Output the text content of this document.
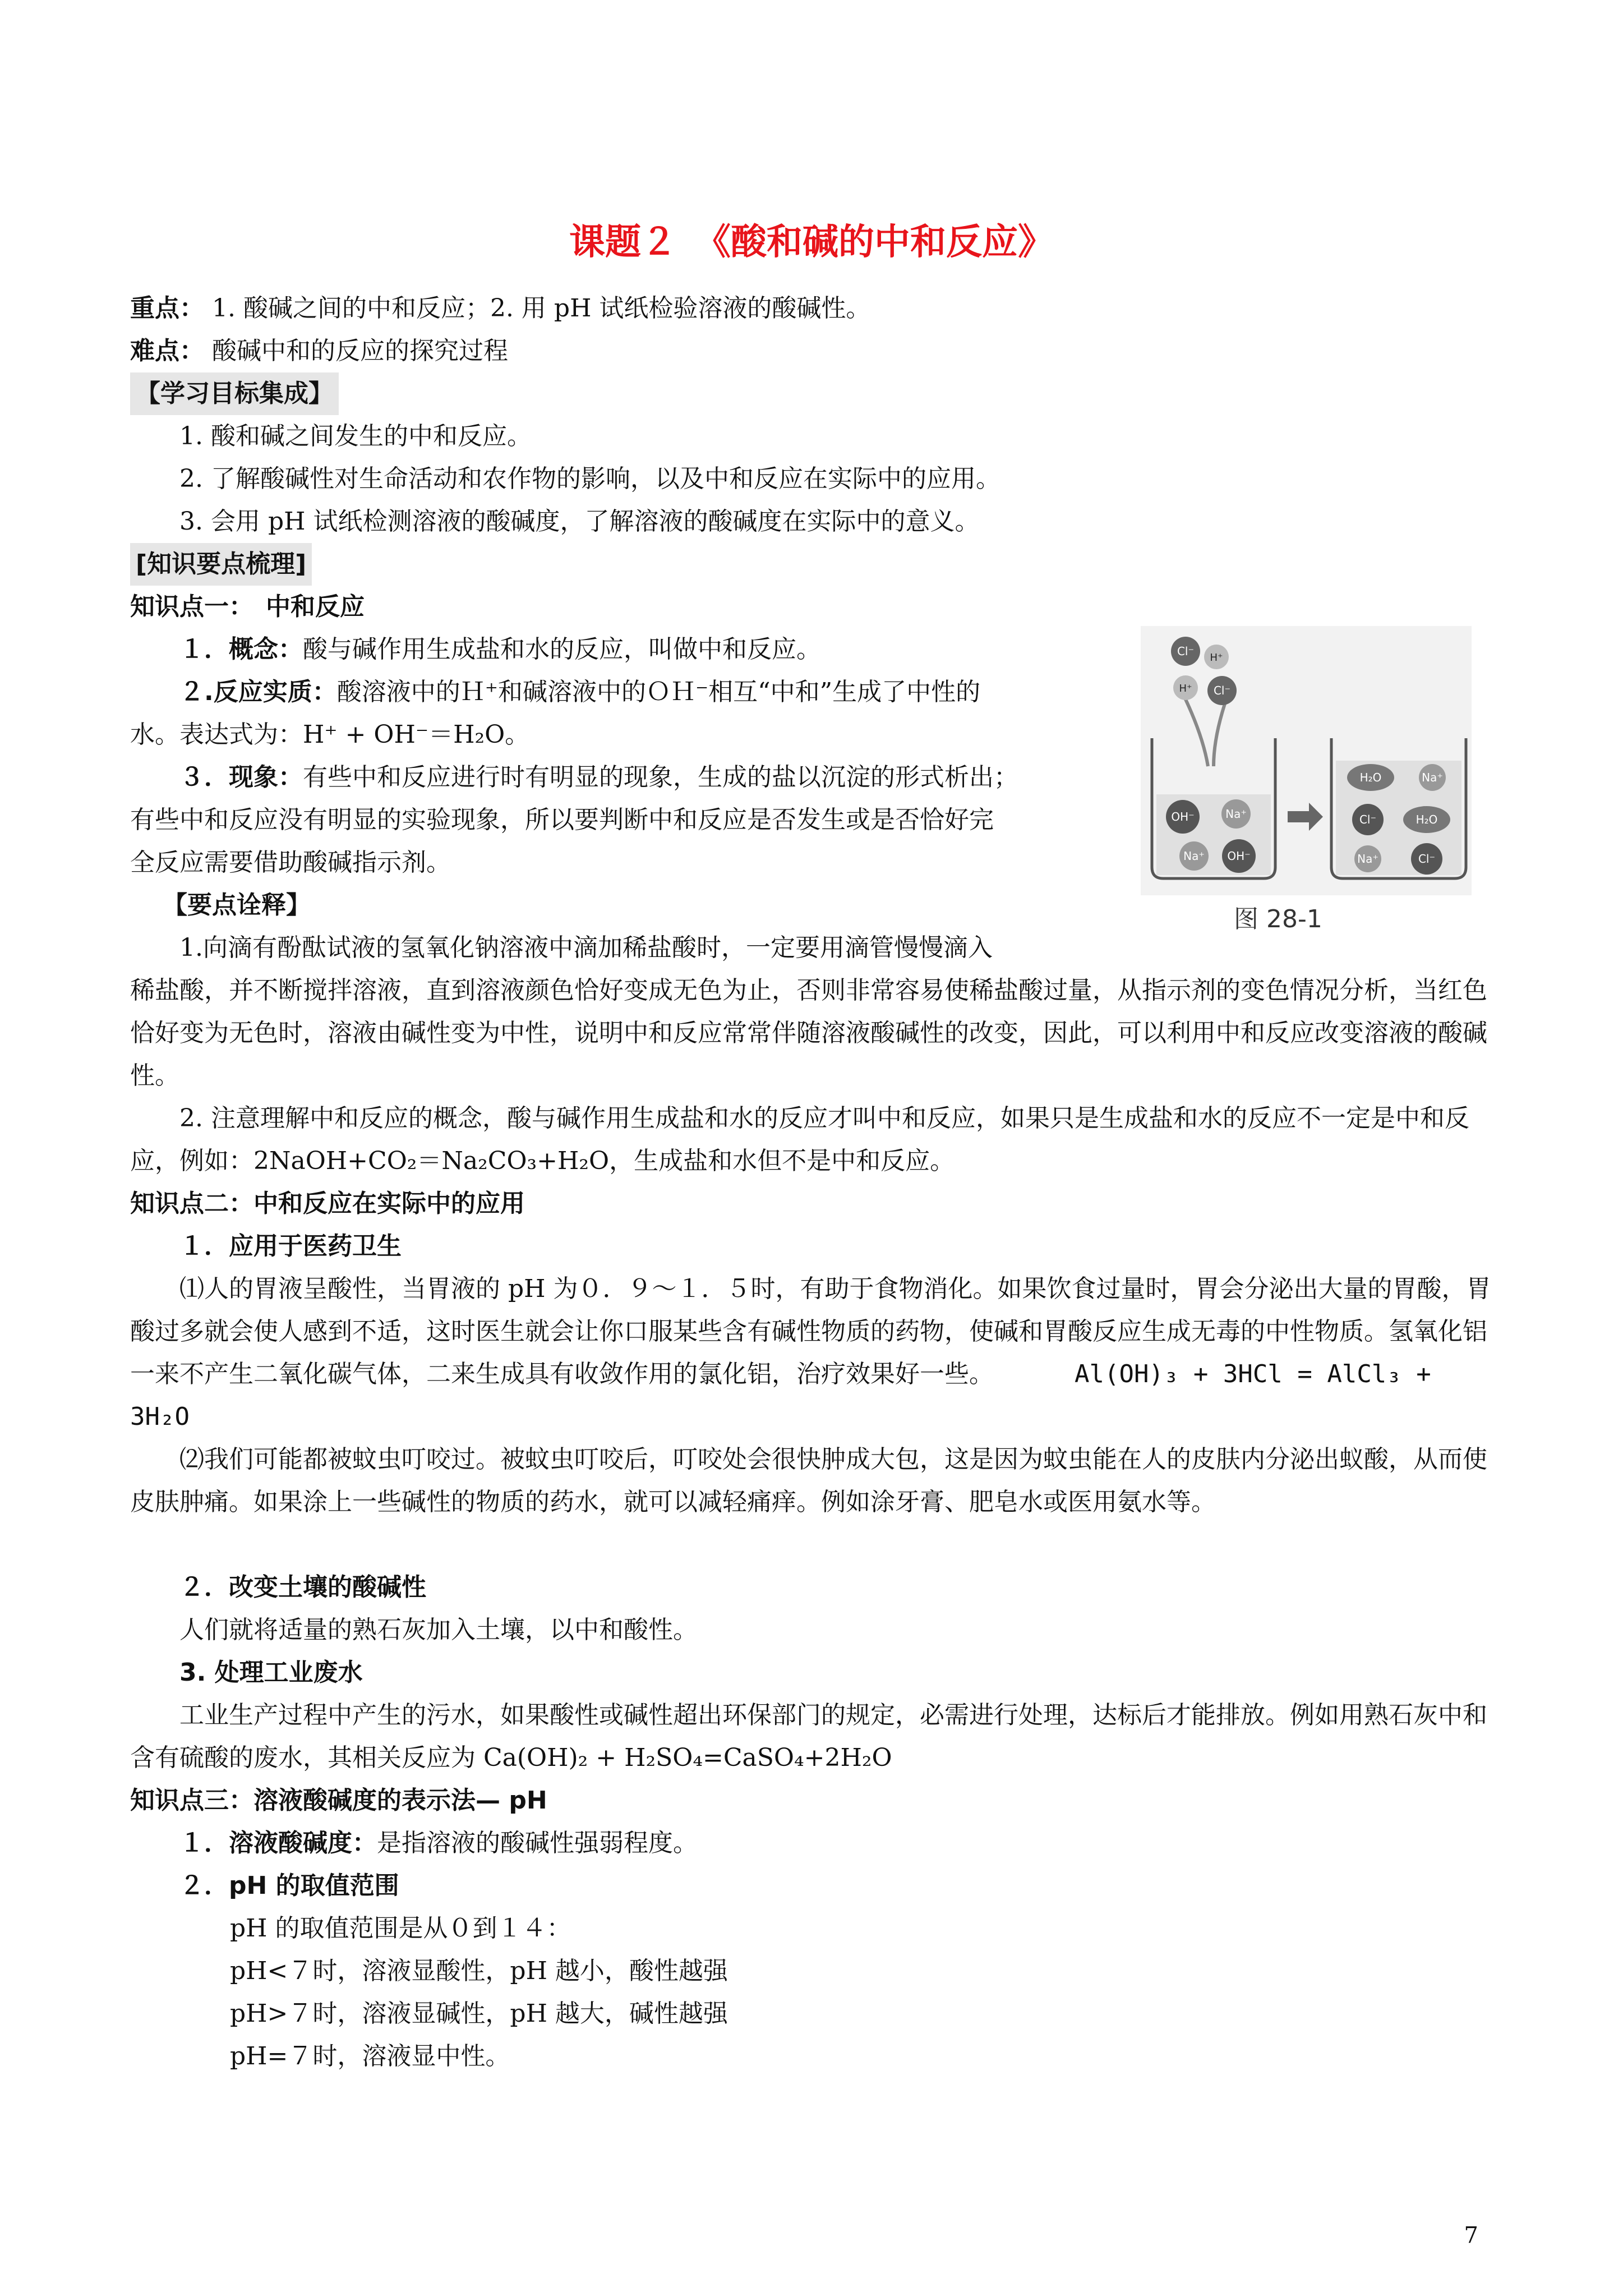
课题２　《酸和碱的中和反应》
重点： 1. 酸碱之间的中和反应；2. 用 pH 试纸检验溶液的酸碱性。
难点： 酸碱中和的反应的探究过程
【学习目标集成】
1. 酸和碱之间发生的中和反应。
2. 了解酸碱性对生命活动和农作物的影响，以及中和反应在实际中的应用。
3. 会用 pH 试纸检测溶液的酸碱度，了解溶液的酸碱度在实际中的意义。
[知识要点梳理]
知识点一：　中和反应
１．概念：酸与碱作用生成盐和水的反应，叫做中和反应。
２.反应实质：酸溶液中的Ｈ⁺和碱溶液中的ＯＨ⁻相互“中和”生成了中性的
水。表达式为：H⁺ + OH⁻＝H₂O。
３．现象：有些中和反应进行时有明显的现象，生成的盐以沉淀的形式析出；
有些中和反应没有明显的实验现象，所以要判断中和反应是否发生或是否恰好完
全反应需要借助酸碱指示剂。
【要点诠释】
1.向滴有酚酞试液的氢氧化钠溶液中滴加稀盐酸时，一定要用滴管慢慢滴入
稀盐酸，并不断搅拌溶液，直到溶液颜色恰好变成无色为止，否则非常容易使稀盐酸过量，从指示剂的变色情况分析，当红色恰好变为无色时，溶液由碱性变为中性，说明中和反应常常伴随溶液酸碱性的改变，因此，可以利用中和反应改变溶液的酸碱性。
2. 注意理解中和反应的概念，酸与碱作用生成盐和水的反应才叫中和反应，如果只是生成盐和水的反应不一定是中和反应，例如：2NaOH+CO₂＝Na₂CO₃+H₂O，生成盐和水但不是中和反应。
Cl⁻ H⁺
H⁺ Cl⁻
OH⁻	Na⁺
Na⁺ OH⁻
H₂O	Na⁺
Cl⁻	H₂O
Na⁺	Cl⁻
图 28-1
知识点二：中和反应在实际中的应用
１．应用于医药卫生
⑴人的胃液呈酸性，当胃液的 pH 为０．９～１．５时，有助于食物消化。如果饮食过量时，胃会分泌出大量的胃酸，胃酸过多就会使人感到不适，这时医生就会让你口服某些含有碱性物质的药物，使碱和胃酸反应生成无毒的中性物质。氢氧化铝一来不产生二氧化碳气体，二来生成具有收敛作用的氯化铝，治疗效果好一些。	Al(OH)₃ + 3HCl = AlCl₃ + 3H₂O
⑵我们可能都被蚊虫叮咬过。被蚊虫叮咬后，叮咬处会很快肿成大包，这是因为蚊虫能在人的皮肤内分泌出蚁酸，从而使皮肤肿痛。如果涂上一些碱性的物质的药水，就可以减轻痛痒。例如涂牙膏、肥皂水或医用氨水等。
２．改变土壤的酸碱性
人们就将适量的熟石灰加入土壤，以中和酸性。
3. 处理工业废水
工业生产过程中产生的污水，如果酸性或碱性超出环保部门的规定，必需进行处理，达标后才能排放。例如用熟石灰中和含有硫酸的废水，其相关反应为 Ca(OH)₂ + H₂SO₄=CaSO₄+2H₂O
知识点三：溶液酸碱度的表示法— pH
１．溶液酸碱度：是指溶液的酸碱性强弱程度。
２．pH 的取值范围
pH 的取值范围是从０到１４：
pH<７时，溶液显酸性，pH 越小，酸性越强
pH>７时，溶液显碱性，pH 越大，碱性越强
pH=７时，溶液显中性。
7
